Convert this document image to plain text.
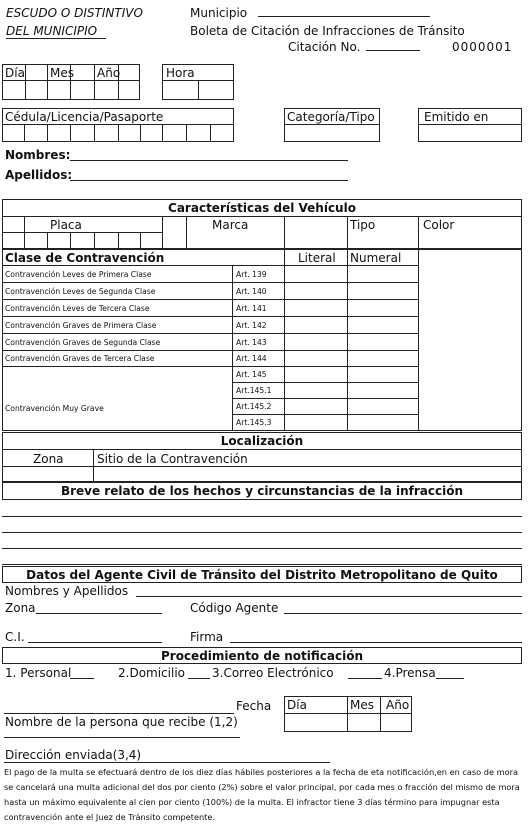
ESCUDO O DISTINTIVO
DEL MUNICIPIO
Municipio
Boleta de Citación de Infracciones de Tránsito
Citación No.	0000001
Día Mes Año	Hora
Cédula/Licencia/Pasaporte	Categoría/Tipo	Emitido en
Nombres:
Apellidos:
Características del Vehículo
Placa	Marca	Tipo	Color
Clase de Contravención	Literal Numeral
Contravención Leves de Primera Clase	Art. 139
Contravención Leves de Segunda Clase	Art. 140
Contravención Leves de Tercera Clase	Art. 141
Contravención Graves de Primera Clase	Art. 142
Contravención Graves de Segunda Clase	Art. 143
Contravención Graves de Tercera Clase	Art. 144
Contravención Muy Grave
Art. 145
Art.145.1
Art.145.2
Art.145.3
Localización
Zona	Sitio de la Contravención
Breve relato de los hechos y circunstancias de la infracción
Datos del Agente Civil de Tránsito del Distrito Metropolitano de Quito
Nombres y Apellidos
Zona	Código Agente
C.I.	Firma
Procedimiento de notificación
1. Personal	2.Domicilio 3.Correo Electrónico	4.Prensa
Fecha Día	Mes Año
Nombre de la persona que recibe (1,2)
Dirección enviada(3,4)
El pago de la multa se efectuará dentro de los diez días hábiles posteriores a la fecha de eta notificación,en en caso de mora se cancelará una multa adicional del dos por ciento (2%) sobre el valor principal, por cada mes o fracción del mismo de mora hasta un máximo equivalente al cien por ciento (100%) de la multa. El infractor tiene 3 días término para impugnar esta contravención ante el Juez de Tránsito competente.
